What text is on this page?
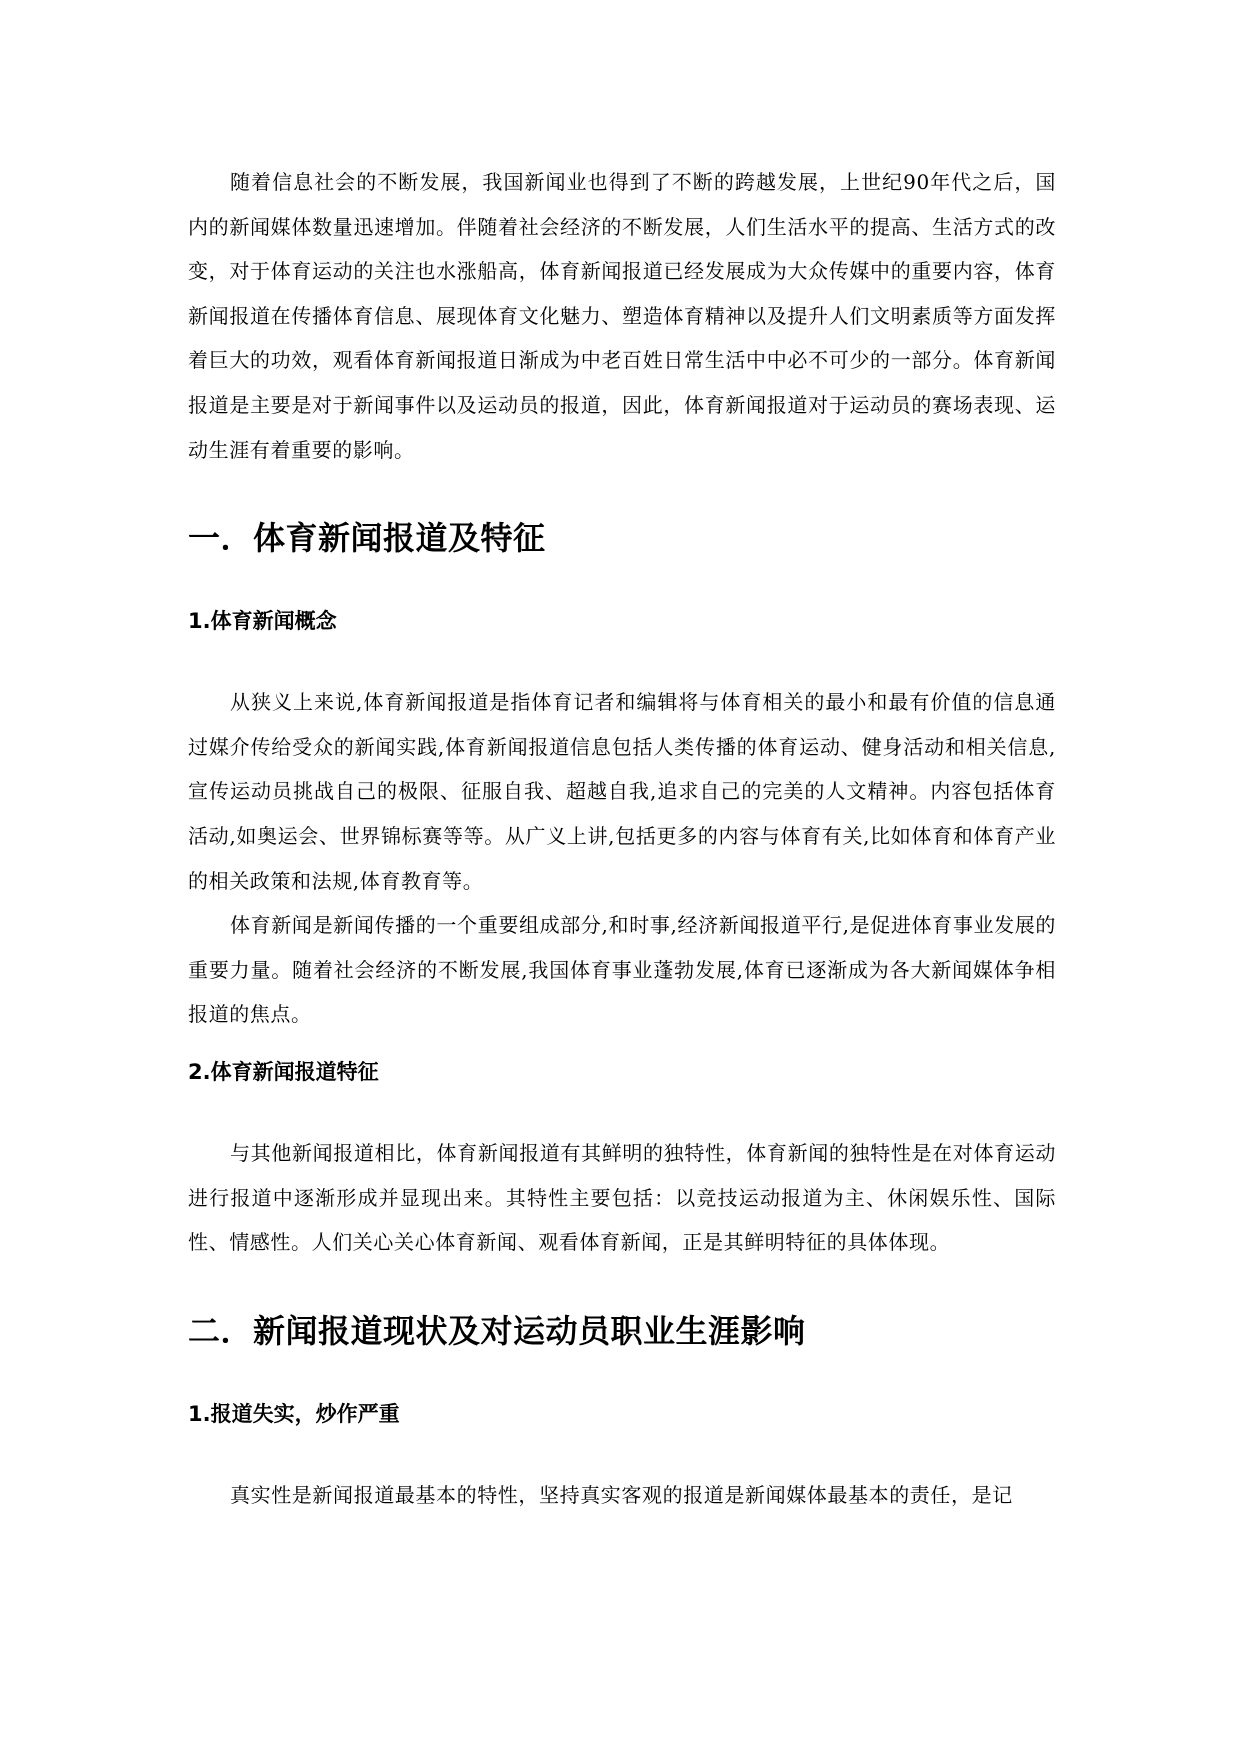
随着信息社会的不断发展，我国新闻业也得到了不断的跨越发展，上世纪90年代之后，国内的新闻媒体数量迅速增加。伴随着社会经济的不断发展，人们生活水平的提高、生活方式的改变，对于体育运动的关注也水涨船高，体育新闻报道已经发展成为大众传媒中的重要内容，体育新闻报道在传播体育信息、展现体育文化魅力、塑造体育精神以及提升人们文明素质等方面发挥着巨大的功效，观看体育新闻报道日渐成为中老百姓日常生活中中必不可少的一部分。体育新闻报道是主要是对于新闻事件以及运动员的报道，因此，体育新闻报道对于运动员的赛场表现、运动生涯有着重要的影响。

一．体育新闻报道及特征
1.体育新闻概念

从狭义上来说,体育新闻报道是指体育记者和编辑将与体育相关的最小和最有价值的信息通过媒介传给受众的新闻实践,体育新闻报道信息包括人类传播的体育运动、健身活动和相关信息,宣传运动员挑战自己的极限、征服自我、超越自我,追求自己的完美的人文精神。内容包括体育活动,如奥运会、世界锦标赛等等。从广义上讲,包括更多的内容与体育有关,比如体育和体育产业的相关政策和法规,体育教育等。

体育新闻是新闻传播的一个重要组成部分,和时事,经济新闻报道平行,是促进体育事业发展的重要力量。随着社会经济的不断发展,我国体育事业蓬勃发展,体育已逐渐成为各大新闻媒体争相报道的焦点。

2.体育新闻报道特征

与其他新闻报道相比，体育新闻报道有其鲜明的独特性，体育新闻的独特性是在对体育运动进行报道中逐渐形成并显现出来。其特性主要包括：以竞技运动报道为主、休闲娱乐性、国际性、情感性。人们关心关心体育新闻、观看体育新闻，正是其鲜明特征的具体体现。

二．新闻报道现状及对运动员职业生涯影响
1.报道失实，炒作严重

真实性是新闻报道最基本的特性，坚持真实客观的报道是新闻媒体最基本的责任，是记
